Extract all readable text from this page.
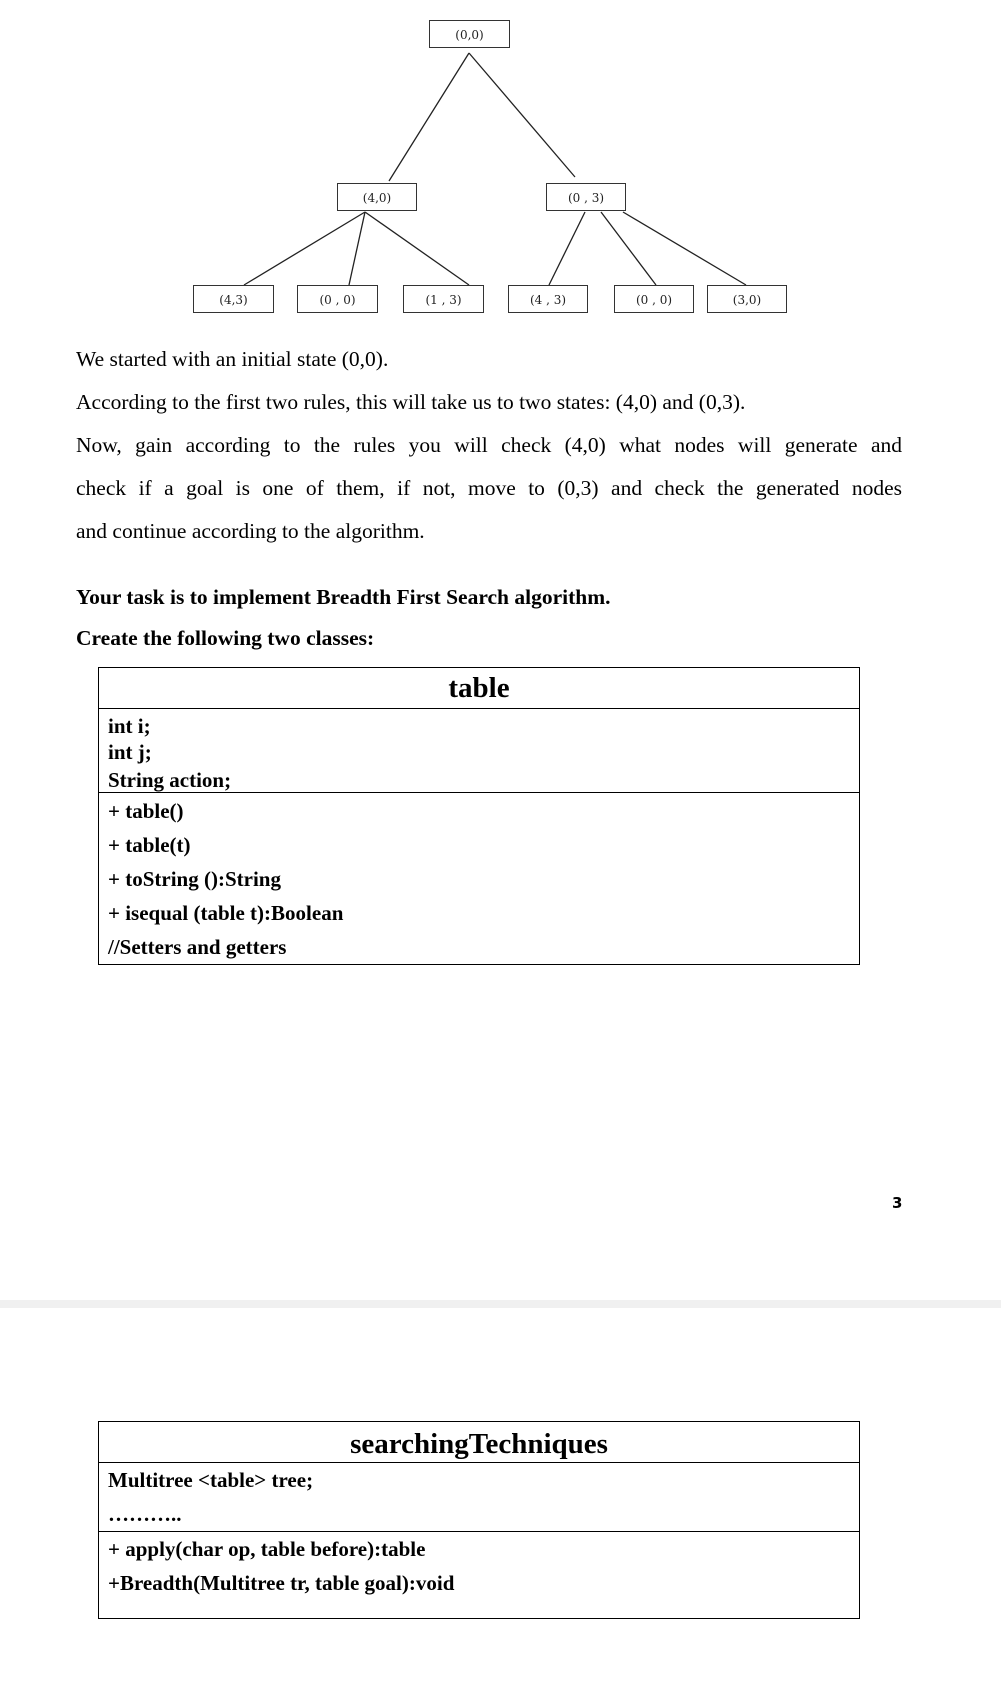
(0,0)
(4,0)	(0 , 3)
(4,3)	(0 , 0)	(1 , 3)	(4 , 3)	(0 , 0)	(3,0)
We started with an initial state (0,0).
According to the first two rules, this will take us to two states: (4,0) and (0,3).
Now, gain according to the rules you will check (4,0) what nodes will generate and
check if a goal is one of them, if not, move to (0,3) and check the generated nodes
and continue according to the algorithm.
Your task is to implement Breadth First Search algorithm.
Create the following two classes:
table
int i;
int j;
String action;
+ table()
+ table(t)
+ toString ():String
+ isequal (table t):Boolean
//Setters and getters
3
searchingTechniques
Multitree <table> tree;
………..
+ apply(char op, table before):table
+Breadth(Multitree tr, table goal):void
